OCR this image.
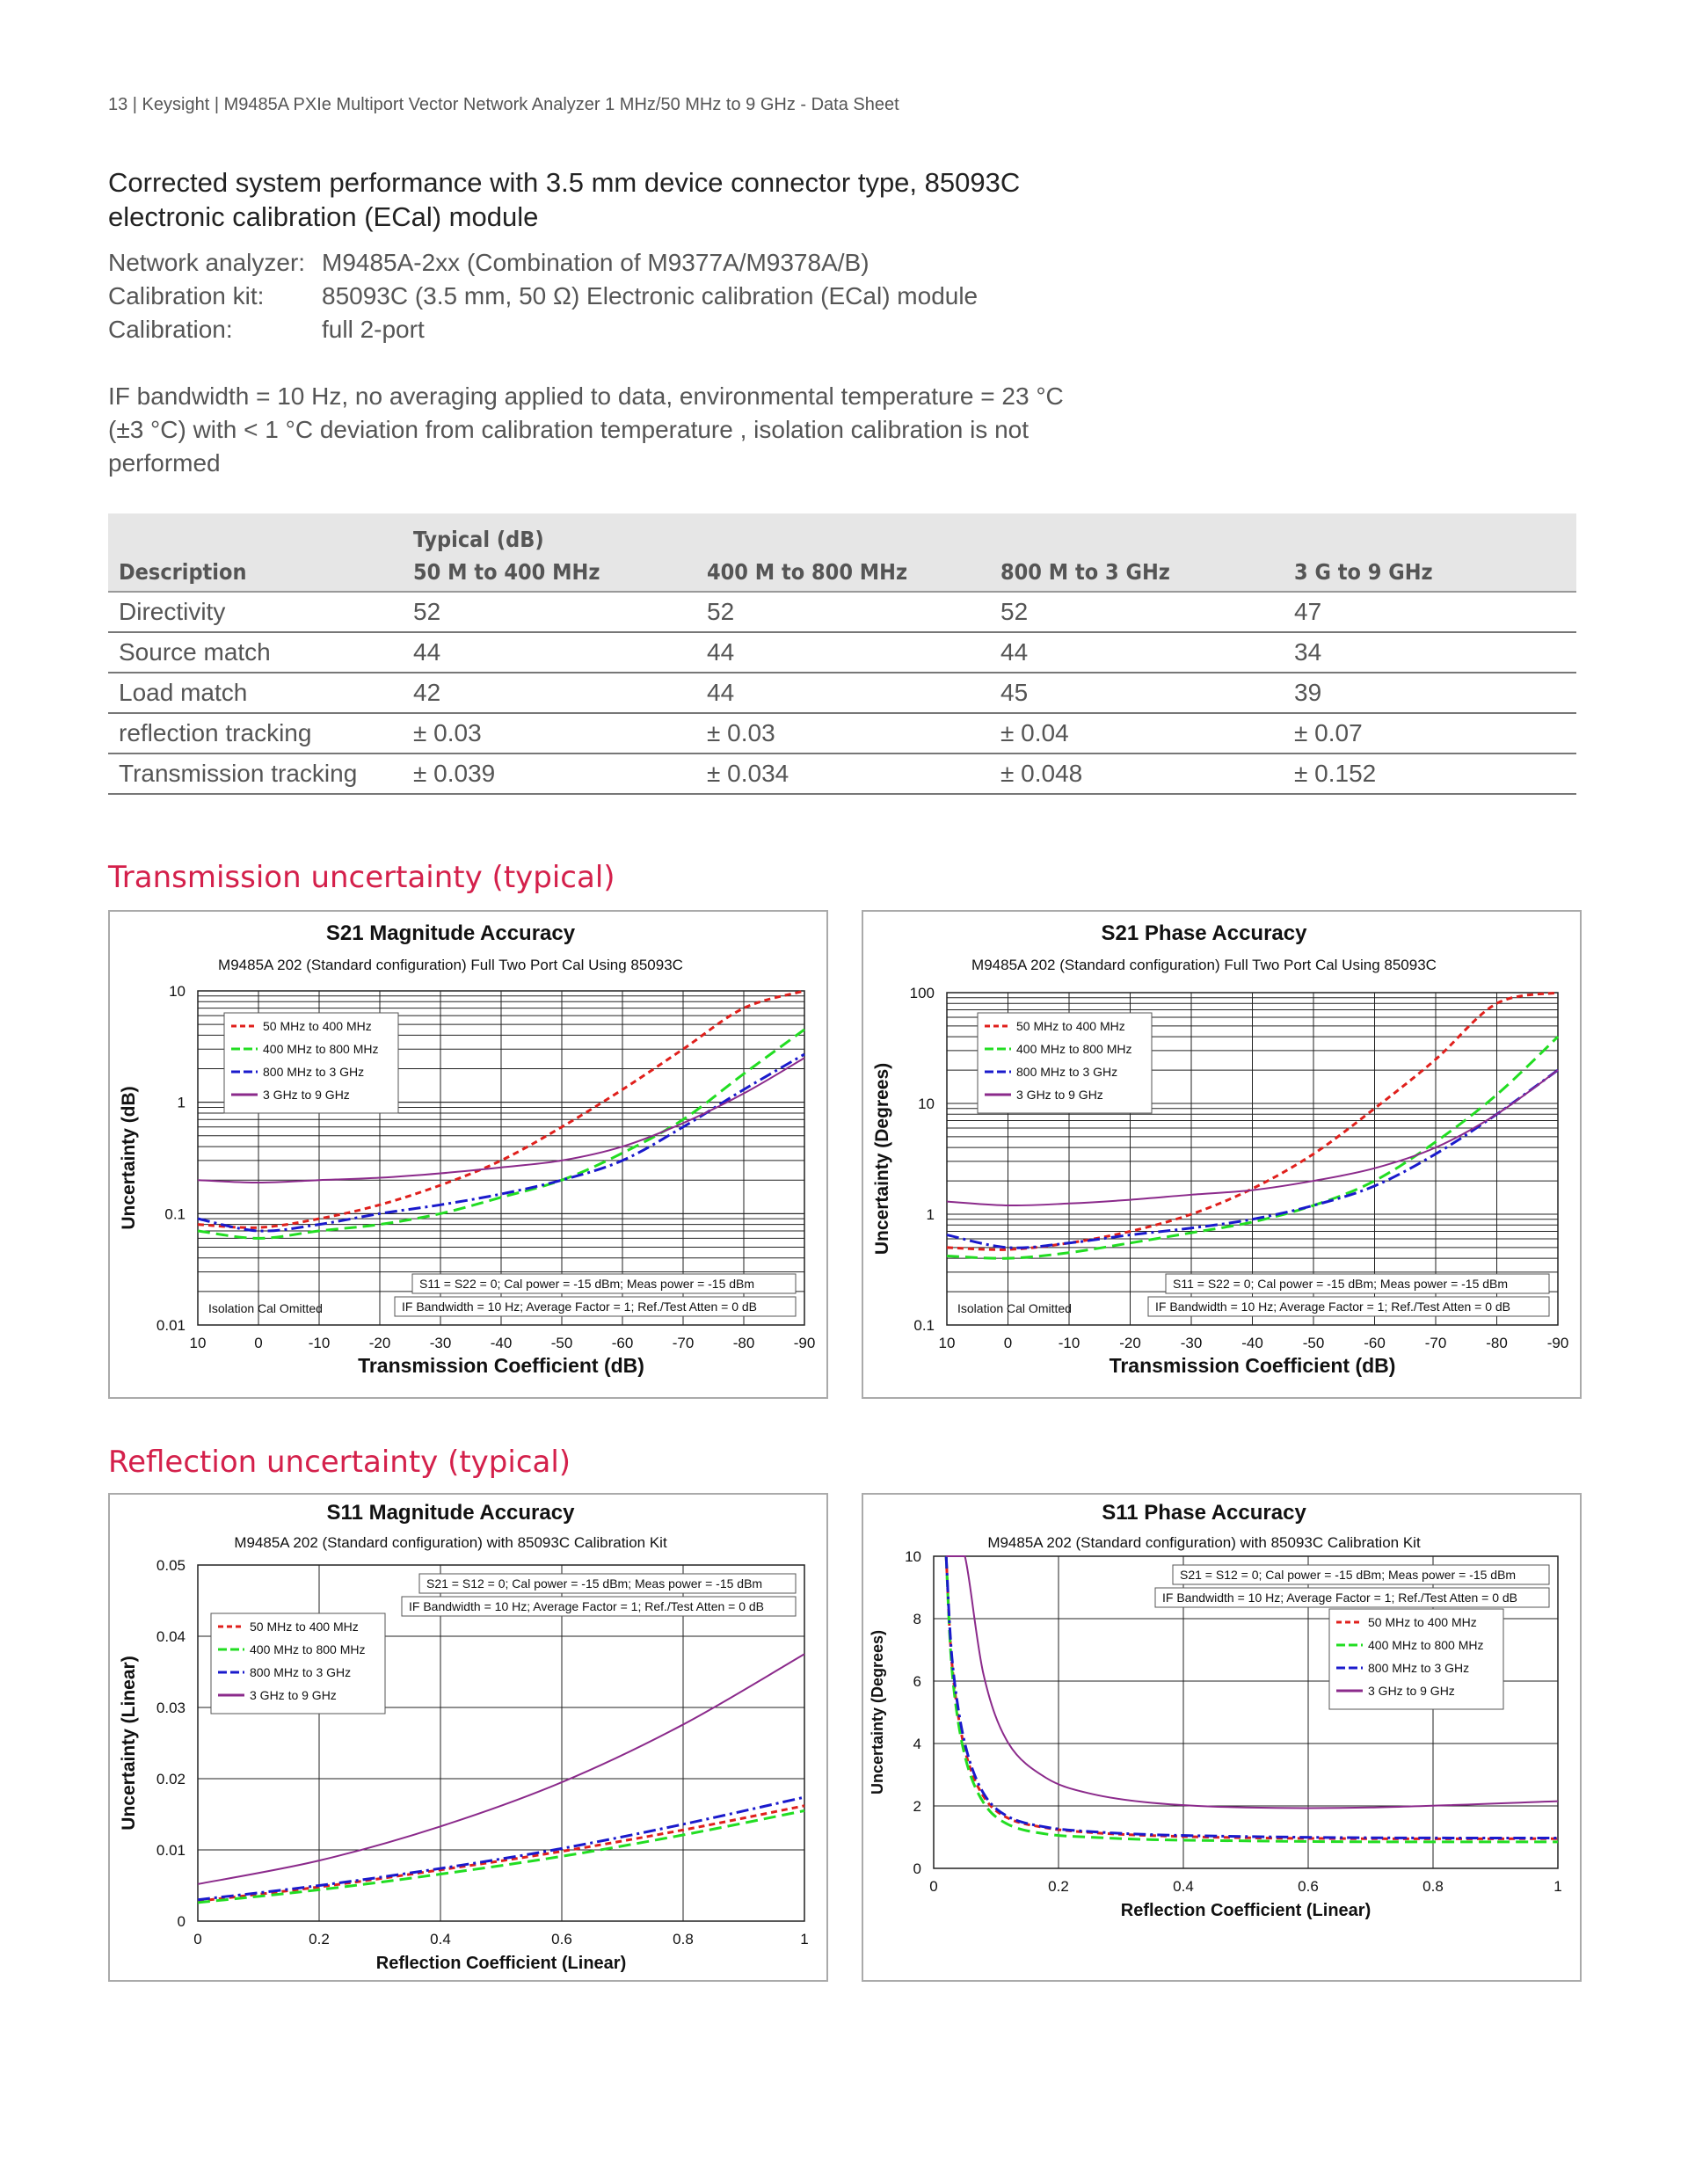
13 | Keysight | M9485A PXIe Multiport Vector Network Analyzer 1 MHz/50 MHz to 9 GHz - Data Sheet
Corrected system performance with 3.5 mm device connector type, 85093C electronic calibration (ECal) module
Network analyzer: M9485A-2xx (Combination of M9377A/M9378A/B)
Calibration kit:	85093C (3.5 mm, 50 Ω) Electronic calibration (ECal) module
Calibration:	full 2-port
IF bandwidth = 10 Hz, no averaging applied to data, environmental temperature = 23 °C (±3 °C) with < 1 °C deviation from calibration temperature , isolation calibration is not performed
	Typical (dB)			
Description	50 M to 400 MHz	400 M to 800 MHz	800 M to 3 GHz	3 G to 9 GHz
Directivity	52	52	52	47
Source match	44	44	44	34
Load match	42	44	45	39
reflection tracking	± 0.03	± 0.03	± 0.04	± 0.07
Transmission tracking	± 0.039	± 0.034	± 0.048	± 0.152
Transmission uncertainty (typical)
S21 Magnitude Accuracy
M9485A 202 (Standard configuration) Full Two Port Cal Using 85093C
10	0	-10	-20	-30	-40	-50	-60	-70	-80	-90
10
1
0.1
0.01
Transmission Coefficient (dB)
Uncertainty (dB)
50 MHz to 400 MHz
400 MHz to 800 MHz
800 MHz to 3 GHz
3 GHz to 9 GHz
S11 = S22 = 0; Cal power = -15 dBm; Meas power = -15 dBm
IF Bandwidth = 10 Hz; Average Factor = 1; Ref./Test Atten = 0 dB
Isolation Cal Omitted
S21 Phase Accuracy
M9485A 202 (Standard configuration) Full Two Port Cal Using 85093C
10	0	-10	-20	-30	-40	-50	-60	-70	-80	-90
100
10
1
0.1
Transmission Coefficient (dB)
Uncertainty (Degrees)
50 MHz to 400 MHz
400 MHz to 800 MHz
800 MHz to 3 GHz
3 GHz to 9 GHz
S11 = S22 = 0; Cal power = -15 dBm; Meas power = -15 dBm
IF Bandwidth = 10 Hz; Average Factor = 1; Ref./Test Atten = 0 dB
Isolation Cal Omitted
Reflection uncertainty (typical)
S11 Magnitude Accuracy
M9485A 202 (Standard configuration) with 85093C Calibration Kit
0	0.2	0.4	0.6	0.8	1
0.05
0.04
0.03
0.02
0.01
0
Reflection Coefficient (Linear)
Uncertainty (Linear)
50 MHz to 400 MHz
400 MHz to 800 MHz
800 MHz to 3 GHz
3 GHz to 9 GHz
S21 = S12 = 0; Cal power = -15 dBm; Meas power = -15 dBm
IF Bandwidth = 10 Hz; Average Factor = 1; Ref./Test Atten = 0 dB
S11 Phase Accuracy
M9485A 202 (Standard configuration) with 85093C Calibration Kit
0	0.2	0.4	0.6	0.8	1
10
8
6
4
2
0
Reflection Coefficient (Linear)
Uncertainty (Degrees)
50 MHz to 400 MHz
400 MHz to 800 MHz
800 MHz to 3 GHz
3 GHz to 9 GHz
S21 = S12 = 0; Cal power = -15 dBm; Meas power = -15 dBm
IF Bandwidth = 10 Hz; Average Factor = 1; Ref./Test Atten = 0 dB
